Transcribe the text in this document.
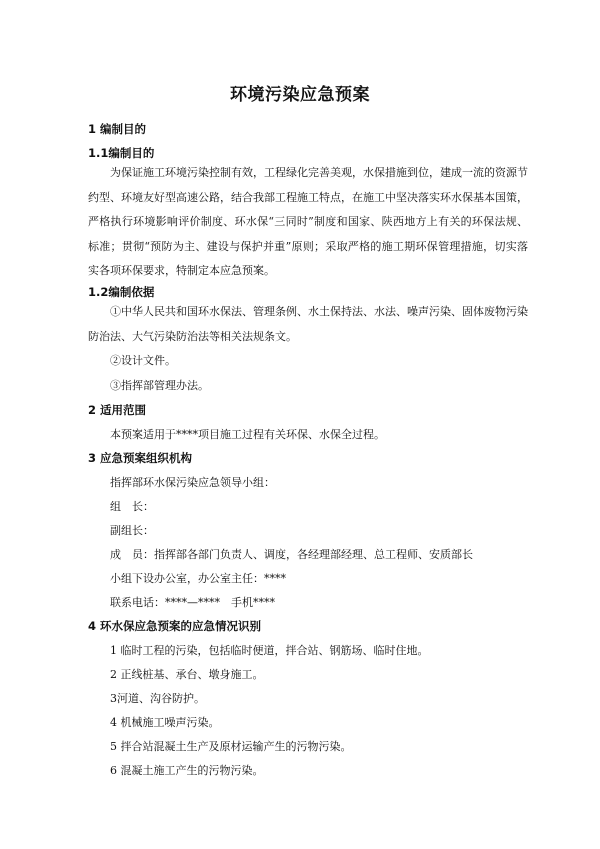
环境污染应急预案
1 编制目的
1.1编制目的
为保证施工环境污染控制有效，工程绿化完善美观，水保措施到位，建成一流的资源节约型、环境友好型高速公路，结合我部工程施工特点，在施工中坚决落实环水保基本国策，严格执行环境影响评价制度、环水保“三同时”制度和国家、陕西地方上有关的环保法规、标准；贯彻“预防为主、建设与保护并重”原则；采取严格的施工期环保管理措施，切实落实各项环保要求，特制定本应急预案。
1.2编制依据
①中华人民共和国环水保法、管理条例、水土保持法、水法、噪声污染、固体废物污染防治法、大气污染防治法等相关法规条文。
②设计文件。
③指挥部管理办法。
2 适用范围
本预案适用于****项目施工过程有关环保、水保全过程。
3 应急预案组织机构
指挥部环水保污染应急领导小组：
组　长：
副组长：
成　员：指挥部各部门负责人、调度，各经理部经理、总工程师、安质部长
小组下设办公室，办公室主任：****
联系电话：****—****　手机****
4 环水保应急预案的应急情况识别
1 临时工程的污染，包括临时便道，拌合站、钢筋场、临时住地。
2 正线桩基、承台、墩身施工。
3河道、沟谷防护。
4 机械施工噪声污染。
5 拌合站混凝土生产及原材运输产生的污物污染。
6 混凝土施工产生的污物污染。
